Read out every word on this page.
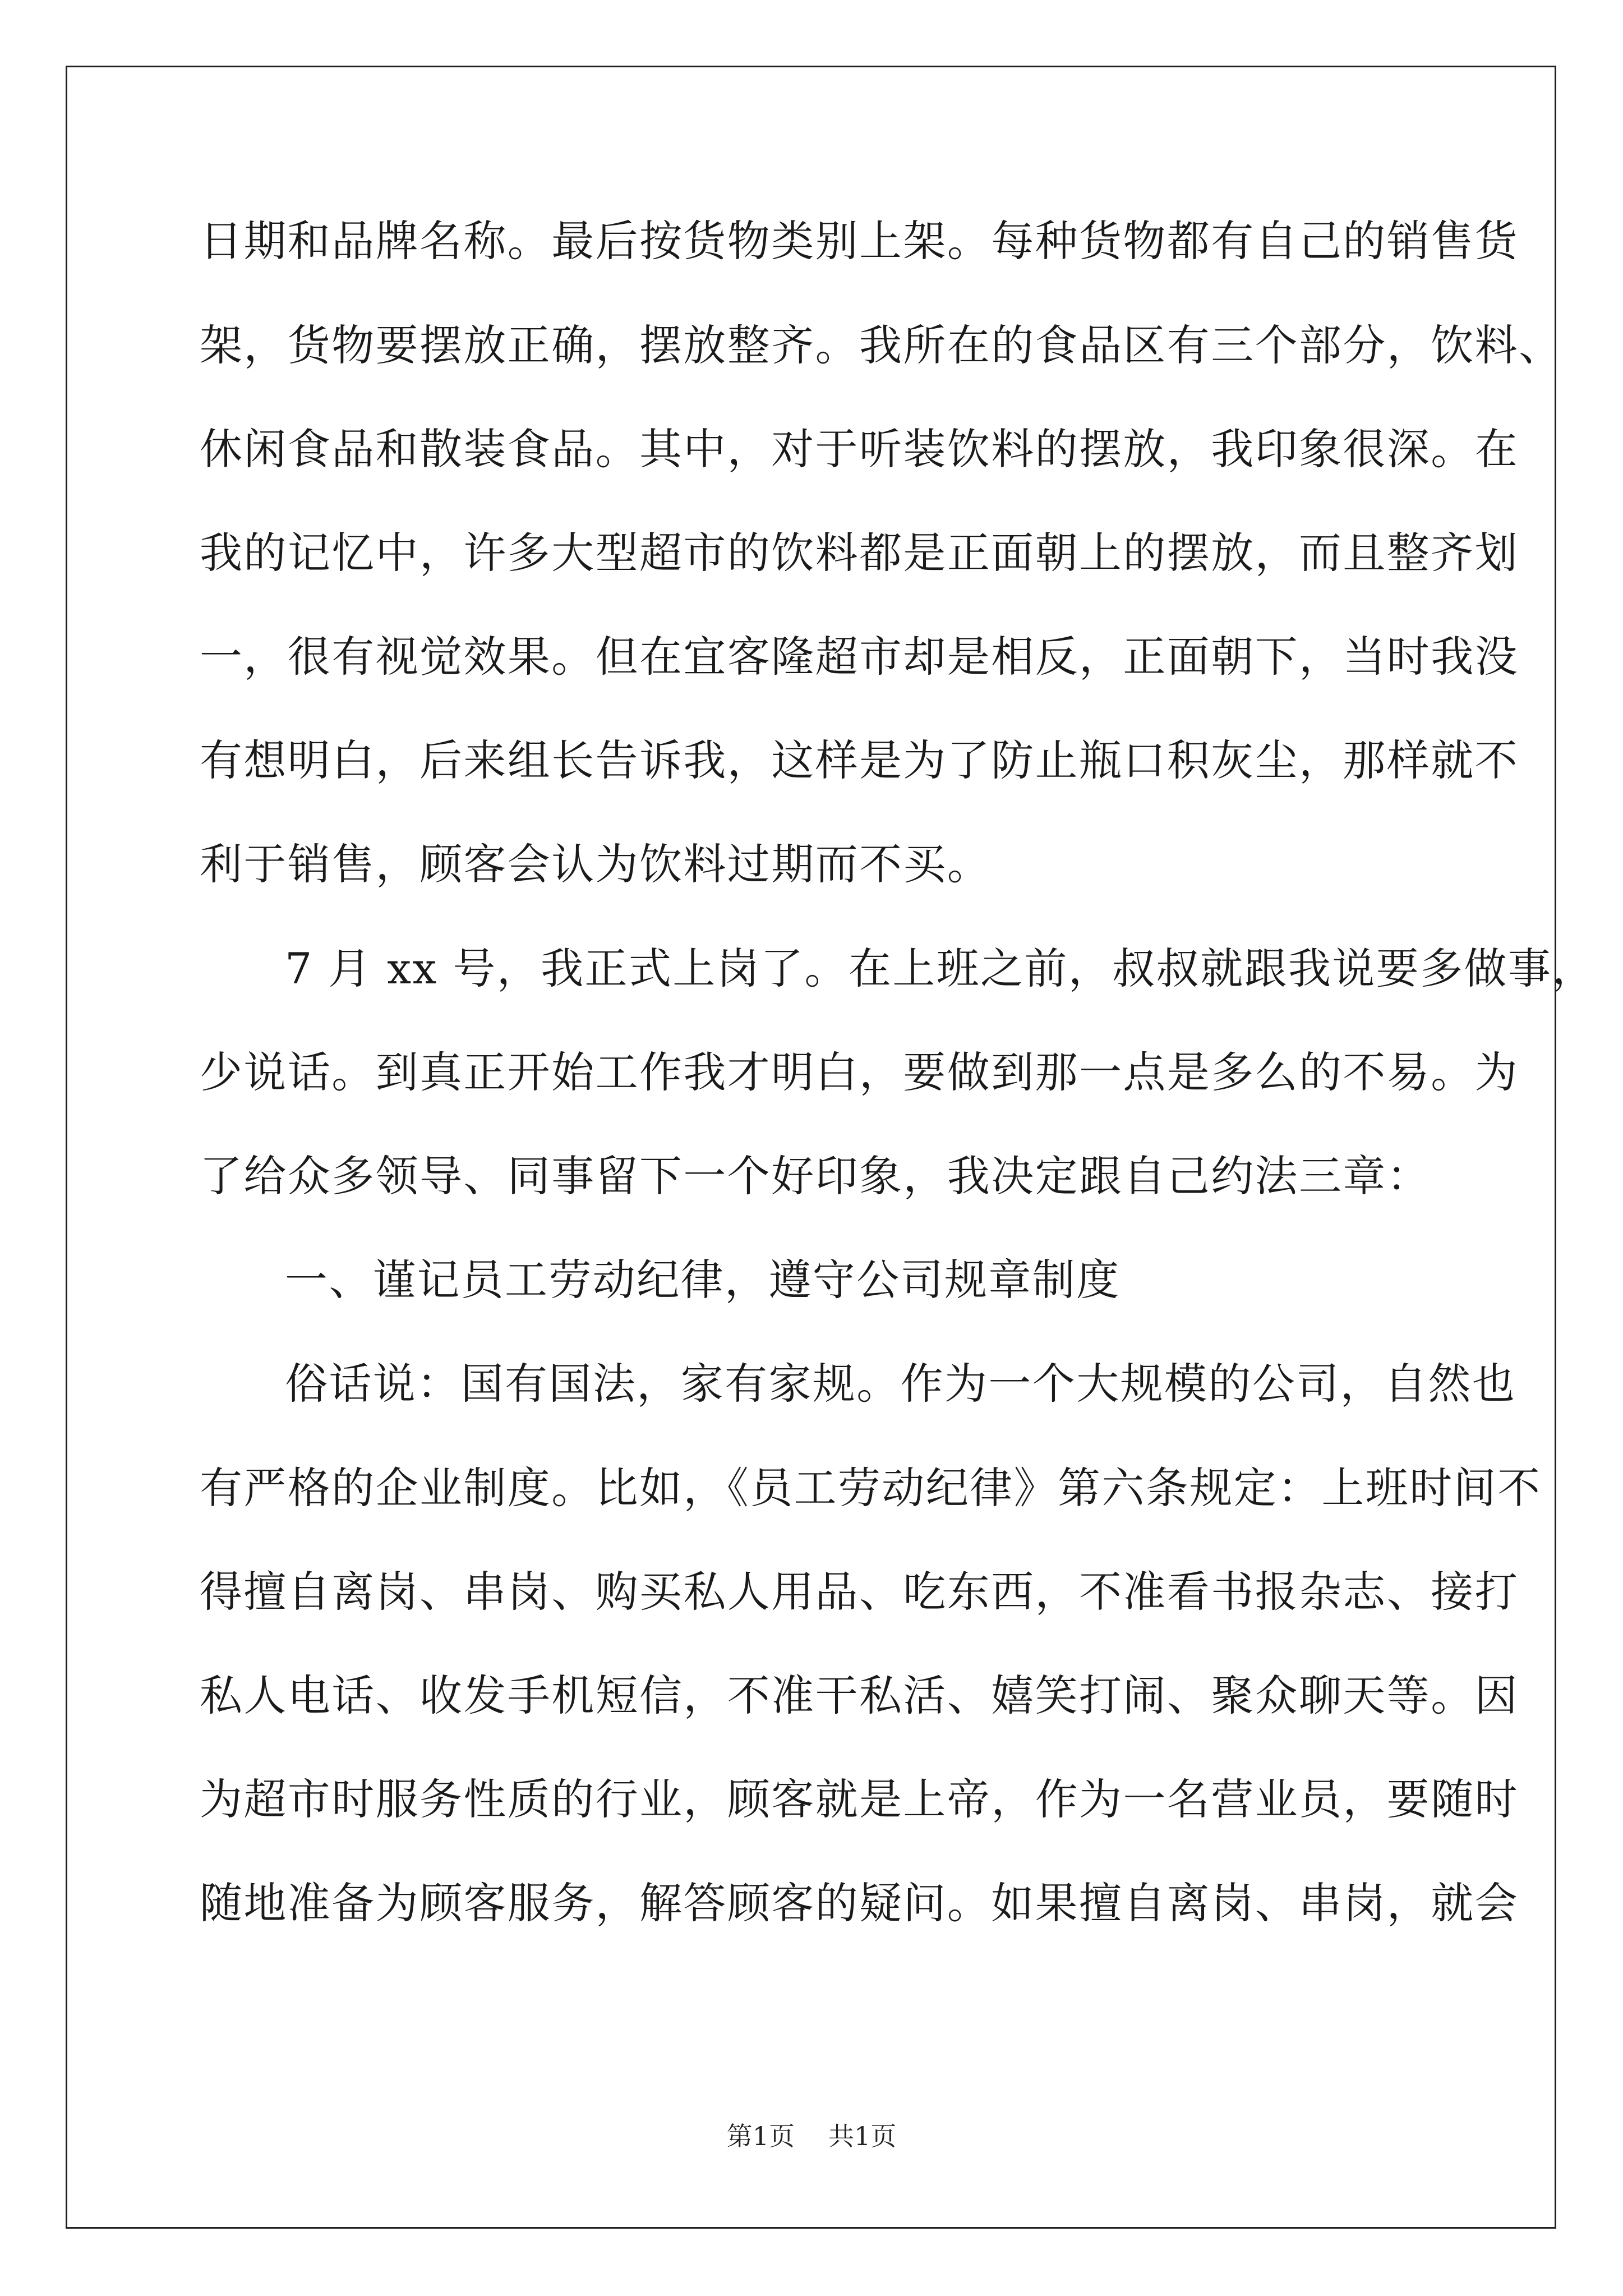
日期和品牌名称。最后按货物类别上架。每种货物都有自己的销售货
架，货物要摆放正确，摆放整齐。我所在的食品区有三个部分，饮料、
休闲食品和散装食品。其中，对于听装饮料的摆放，我印象很深。在
我的记忆中，许多大型超市的饮料都是正面朝上的摆放，而且整齐划
一，很有视觉效果。但在宜客隆超市却是相反，正面朝下，当时我没
有想明白，后来组长告诉我，这样是为了防止瓶口积灰尘，那样就不
利于销售，顾客会认为饮料过期而不买。
7 月 xx 号，我正式上岗了。在上班之前，叔叔就跟我说要多做事，
少说话。到真正开始工作我才明白，要做到那一点是多么的不易。为
了给众多领导、同事留下一个好印象，我决定跟自己约法三章：
一、谨记员工劳动纪律，遵守公司规章制度
俗话说：国有国法，家有家规。作为一个大规模的公司，自然也
有严格的企业制度。比如，《员工劳动纪律》第六条规定：上班时间不
得擅自离岗、串岗、购买私人用品、吃东西，不准看书报杂志、接打
私人电话、收发手机短信，不准干私活、嬉笑打闹、聚众聊天等。因
为超市时服务性质的行业，顾客就是上帝，作为一名营业员，要随时
随地准备为顾客服务，解答顾客的疑问。如果擅自离岗、串岗，就会
第1页 共1页
